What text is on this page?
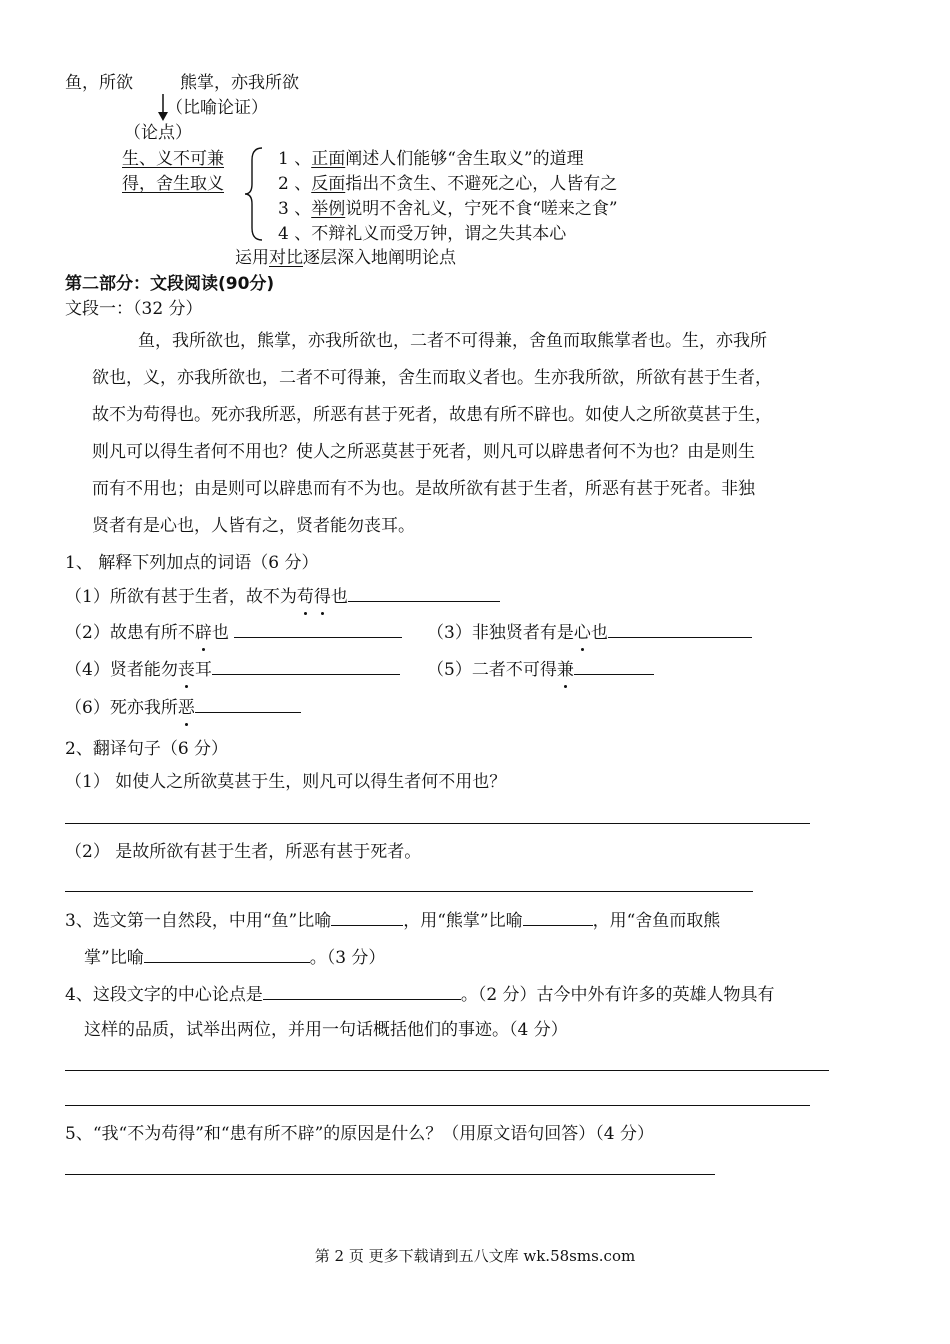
鱼，所欲	熊掌，亦我所欲
（比喻论证）
（论点）
生、义不可兼
得，舍生取义
1 、正面阐述人们能够“舍生取义”的道理
2 、反面指出不贪生、不避死之心，人皆有之
3 、举例说明不舍礼义，宁死不食“嗟来之食”
4 、不辩礼义而受万钟，谓之失其本心
运用对比逐层深入地阐明论点
第二部分：文段阅读(90分)
文段一：（32 分）
鱼，我所欲也，熊掌，亦我所欲也，二者不可得兼，舍鱼而取熊掌者也。生，亦我所
欲也，义，亦我所欲也，二者不可得兼，舍生而取义者也。生亦我所欲，所欲有甚于生者，
故不为苟得也。死亦我所恶，所恶有甚于死者，故患有所不辟也。如使人之所欲莫甚于生，
则凡可以得生者何不用也？使人之所恶莫甚于死者，则凡可以辟患者何不为也？由是则生
而有不用也；由是则可以辟患而有不为也。是故所欲有甚于生者，所恶有甚于死者。非独
贤者有是心也，人皆有之，贤者能勿丧耳。
1、 解释下列加点的词语（6 分）
（1）所欲有甚于生者，故不为苟得也
（2）故患有所不辟也	（3）非独贤者有是心也
（4）贤者能勿丧耳	（5）二者不可得兼
（6）死亦我所恶
2、翻译句子（6 分）
（1） 如使人之所欲莫甚于生，则凡可以得生者何不用也？
（2） 是故所欲有甚于生者，所恶有甚于死者。
3、选文第一自然段，中用“鱼”比喻	，用“熊掌”比喻	，用“舍鱼而取熊
掌”比喻	。（3 分）
4、这段文字的中心论点是	。（2 分）古今中外有许多的英雄人物具有
这样的品质，试举出两位，并用一句话概括他们的事迹。（4 分）
5、“我“不为苟得”和“患有所不辟”的原因是什么？（用原文语句回答）（4 分）
第 2 页 更多下载请到五八文库 wk.58sms.com
